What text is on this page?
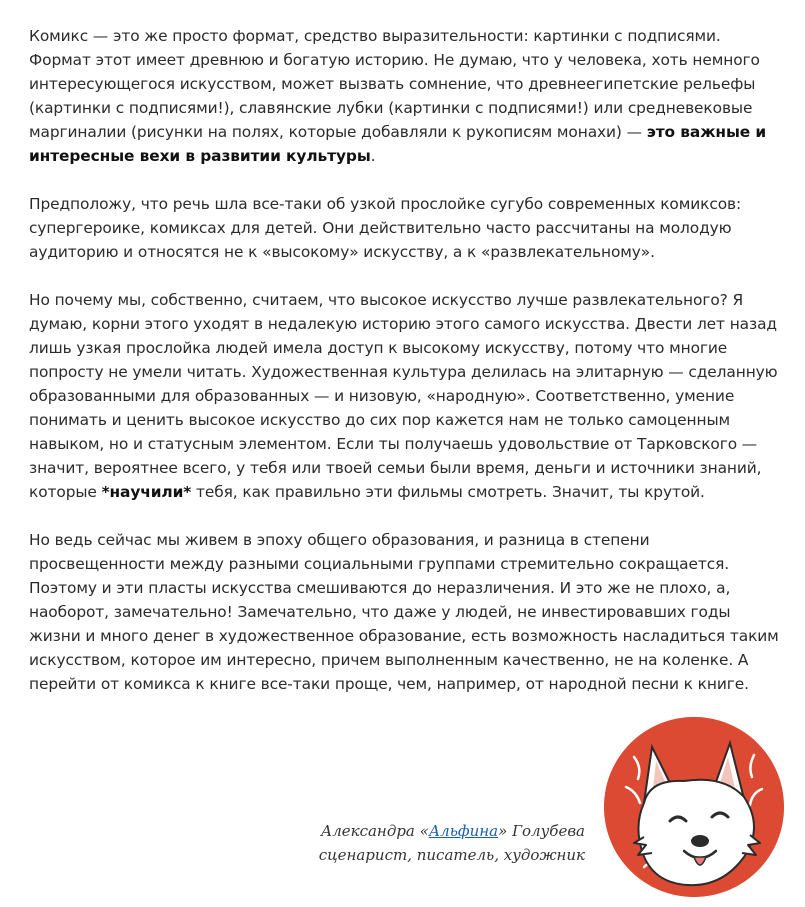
Комикс — это же просто формат, средство выразительности: картинки с подписями. Формат этот имеет древнюю и богатую историю. Не думаю, что у человека, хоть немного интересующегося искусством, может вызвать сомнение, что древнеегипетские рельефы (картинки с подписями!), славянские лубки (картинки с подписями!) или средневековые маргиналии (рисунки на полях, которые добавляли к рукописям монахи) — это важные и интересные вехи в развитии культуры.

Предположу, что речь шла все-таки об узкой прослойке сугубо современных комиксов: супергероике, комиксах для детей. Они действительно часто рассчитаны на молодую аудиторию и относятся не к «высокому» искусству, а к «развлекательному».

Но почему мы, собственно, считаем, что высокое искусство лучше развлекательного? Я думаю, корни этого уходят в недалекую историю этого самого искусства. Двести лет назад лишь узкая прослойка людей имела доступ к высокому искусству, потому что многие попросту не умели читать. Художественная культура делилась на элитарную — сделанную образованными для образованных — и низовую, «народную». Соответственно, умение понимать и ценить высокое искусство до сих пор кажется нам не только самоценным навыком, но и статусным элементом. Если ты получаешь удовольствие от Тарковского — значит, вероятнее всего, у тебя или твоей семьи были время, деньги и источники знаний, которые *научили* тебя, как правильно эти фильмы смотреть. Значит, ты крутой.

Но ведь сейчас мы живем в эпоху общего образования, и разница в степени просвещенности между разными социальными группами стремительно сокращается. Поэтому и эти пласты искусства смешиваются до неразличения. И это же не плохо, а, наоборот, замечательно! Замечательно, что даже у людей, не инвестировавших годы жизни и много денег в художественное образование, есть возможность насладиться таким искусством, которое им интересно, причем выполненным качественно, не на коленке. А перейти от комикса к книге все-таки проще, чем, например, от народной песни к книге.

Александра «Альфина» Голубева
сценарист, писатель, художник
